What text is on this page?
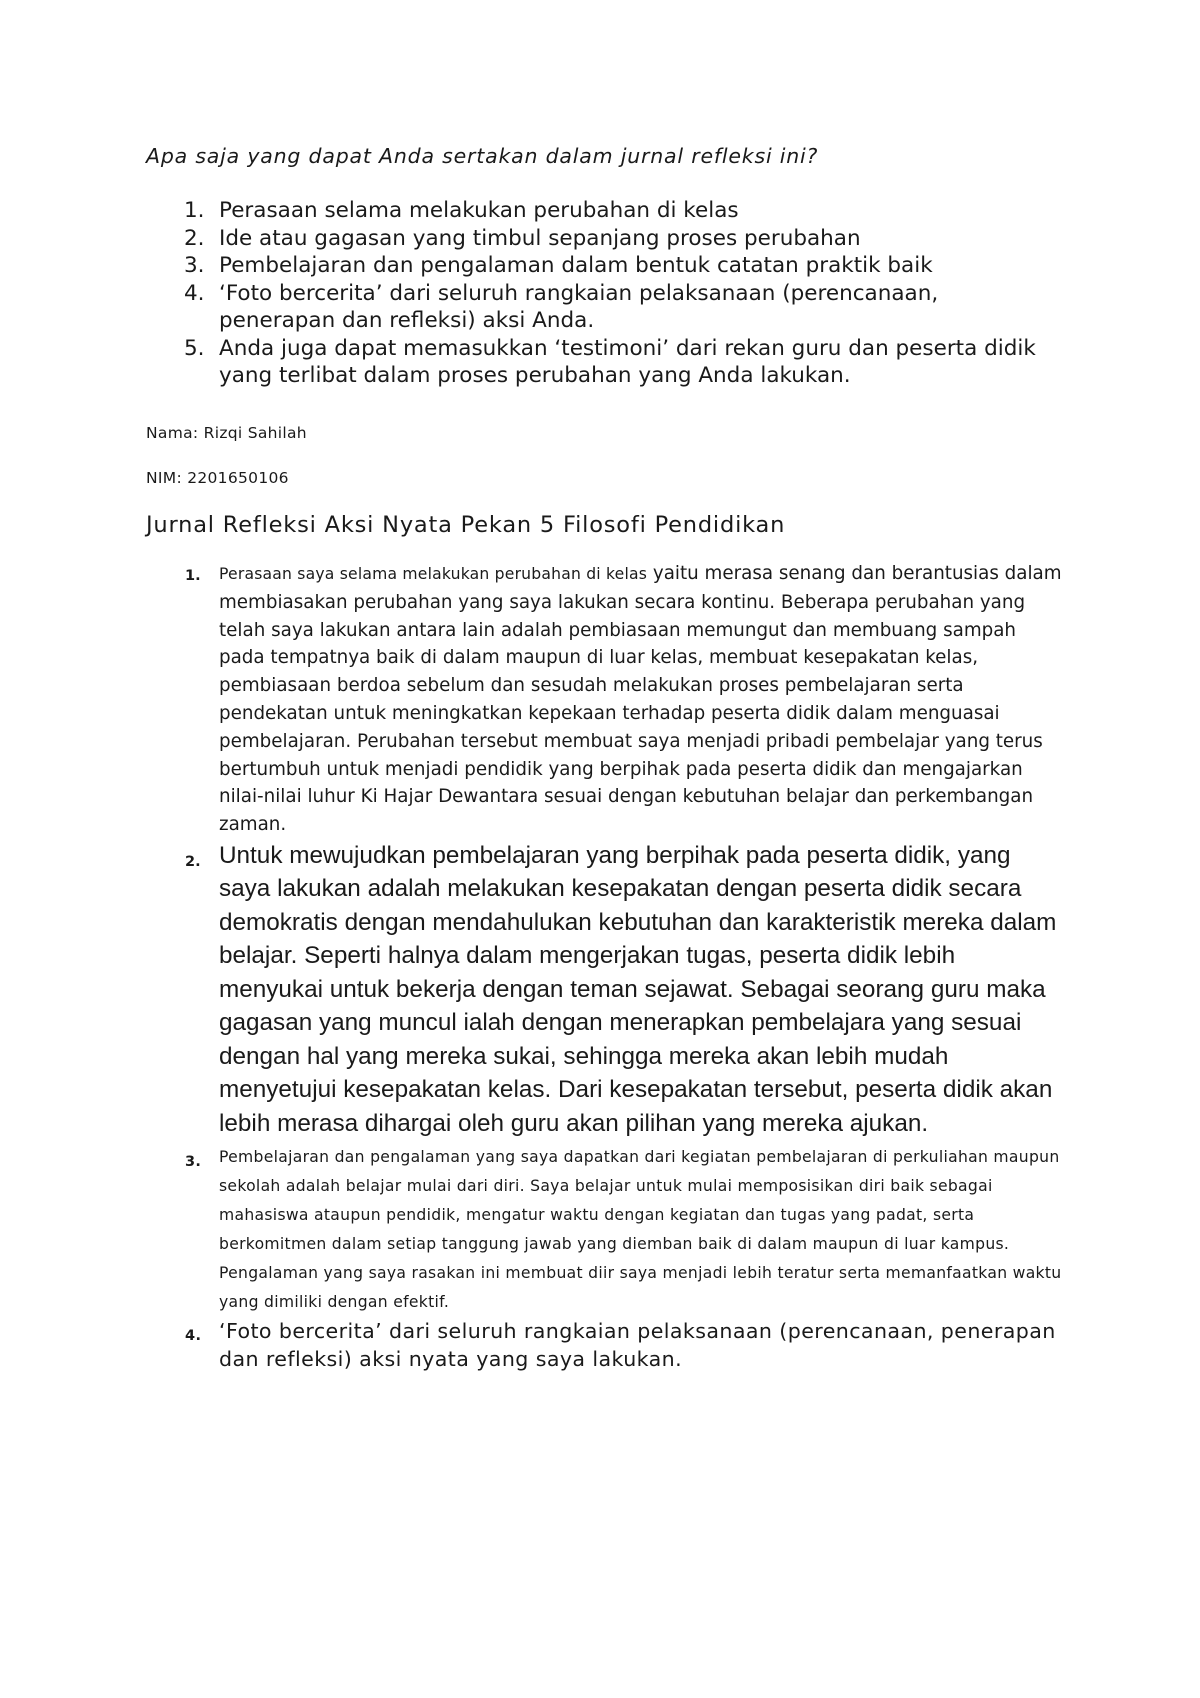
Apa saja yang dapat Anda sertakan dalam jurnal refleksi ini?
1. Perasaan selama melakukan perubahan di kelas
2. Ide atau gagasan yang timbul sepanjang proses perubahan
3. Pembelajaran dan pengalaman dalam bentuk catatan praktik baik
4. ‘Foto bercerita’ dari seluruh rangkaian pelaksanaan (perencanaan, penerapan dan refleksi) aksi Anda.
5. Anda juga dapat memasukkan ‘testimoni’ dari rekan guru dan peserta didik yang terlibat dalam proses perubahan yang Anda lakukan.
Nama: Rizqi Sahilah
NIM: 2201650106
Jurnal Refleksi Aksi Nyata Pekan 5 Filosofi Pendidikan
1. Perasaan saya selama melakukan perubahan di kelas yaitu merasa senang dan berantusias dalam membiasakan perubahan yang saya lakukan secara kontinu. Beberapa perubahan yang telah saya lakukan antara lain adalah pembiasaan memungut dan membuang sampah pada tempatnya baik di dalam maupun di luar kelas, membuat kesepakatan kelas, pembiasaan berdoa sebelum dan sesudah melakukan proses pembelajaran serta pendekatan untuk meningkatkan kepekaan terhadap peserta didik dalam menguasai pembelajaran. Perubahan tersebut membuat saya menjadi pribadi pembelajar yang terus bertumbuh untuk menjadi pendidik yang berpihak pada peserta didik dan mengajarkan nilai-nilai luhur Ki Hajar Dewantara sesuai dengan kebutuhan belajar dan perkembangan zaman.
2. Untuk mewujudkan pembelajaran yang berpihak pada peserta didik, yang saya lakukan adalah melakukan kesepakatan dengan peserta didik secara demokratis dengan mendahulukan kebutuhan dan karakteristik mereka dalam belajar. Seperti halnya dalam mengerjakan tugas, peserta didik lebih menyukai untuk bekerja dengan teman sejawat. Sebagai seorang guru maka gagasan yang muncul ialah dengan menerapkan pembelajara yang sesuai dengan hal yang mereka sukai, sehingga mereka akan lebih mudah menyetujui kesepakatan kelas. Dari kesepakatan tersebut, peserta didik akan lebih merasa dihargai oleh guru akan pilihan yang mereka ajukan.
3. Pembelajaran dan pengalaman yang saya dapatkan dari kegiatan pembelajaran di perkuliahan maupun sekolah adalah belajar mulai dari diri. Saya belajar untuk mulai memposisikan diri baik sebagai mahasiswa ataupun pendidik, mengatur waktu dengan kegiatan dan tugas yang padat, serta berkomitmen dalam setiap tanggung jawab yang diemban baik di dalam maupun di luar kampus. Pengalaman yang saya rasakan ini membuat diir saya menjadi lebih teratur serta memanfaatkan waktu yang dimiliki dengan efektif.
4. ‘Foto bercerita’ dari seluruh rangkaian pelaksanaan (perencanaan, penerapan dan refleksi) aksi nyata yang saya lakukan.
